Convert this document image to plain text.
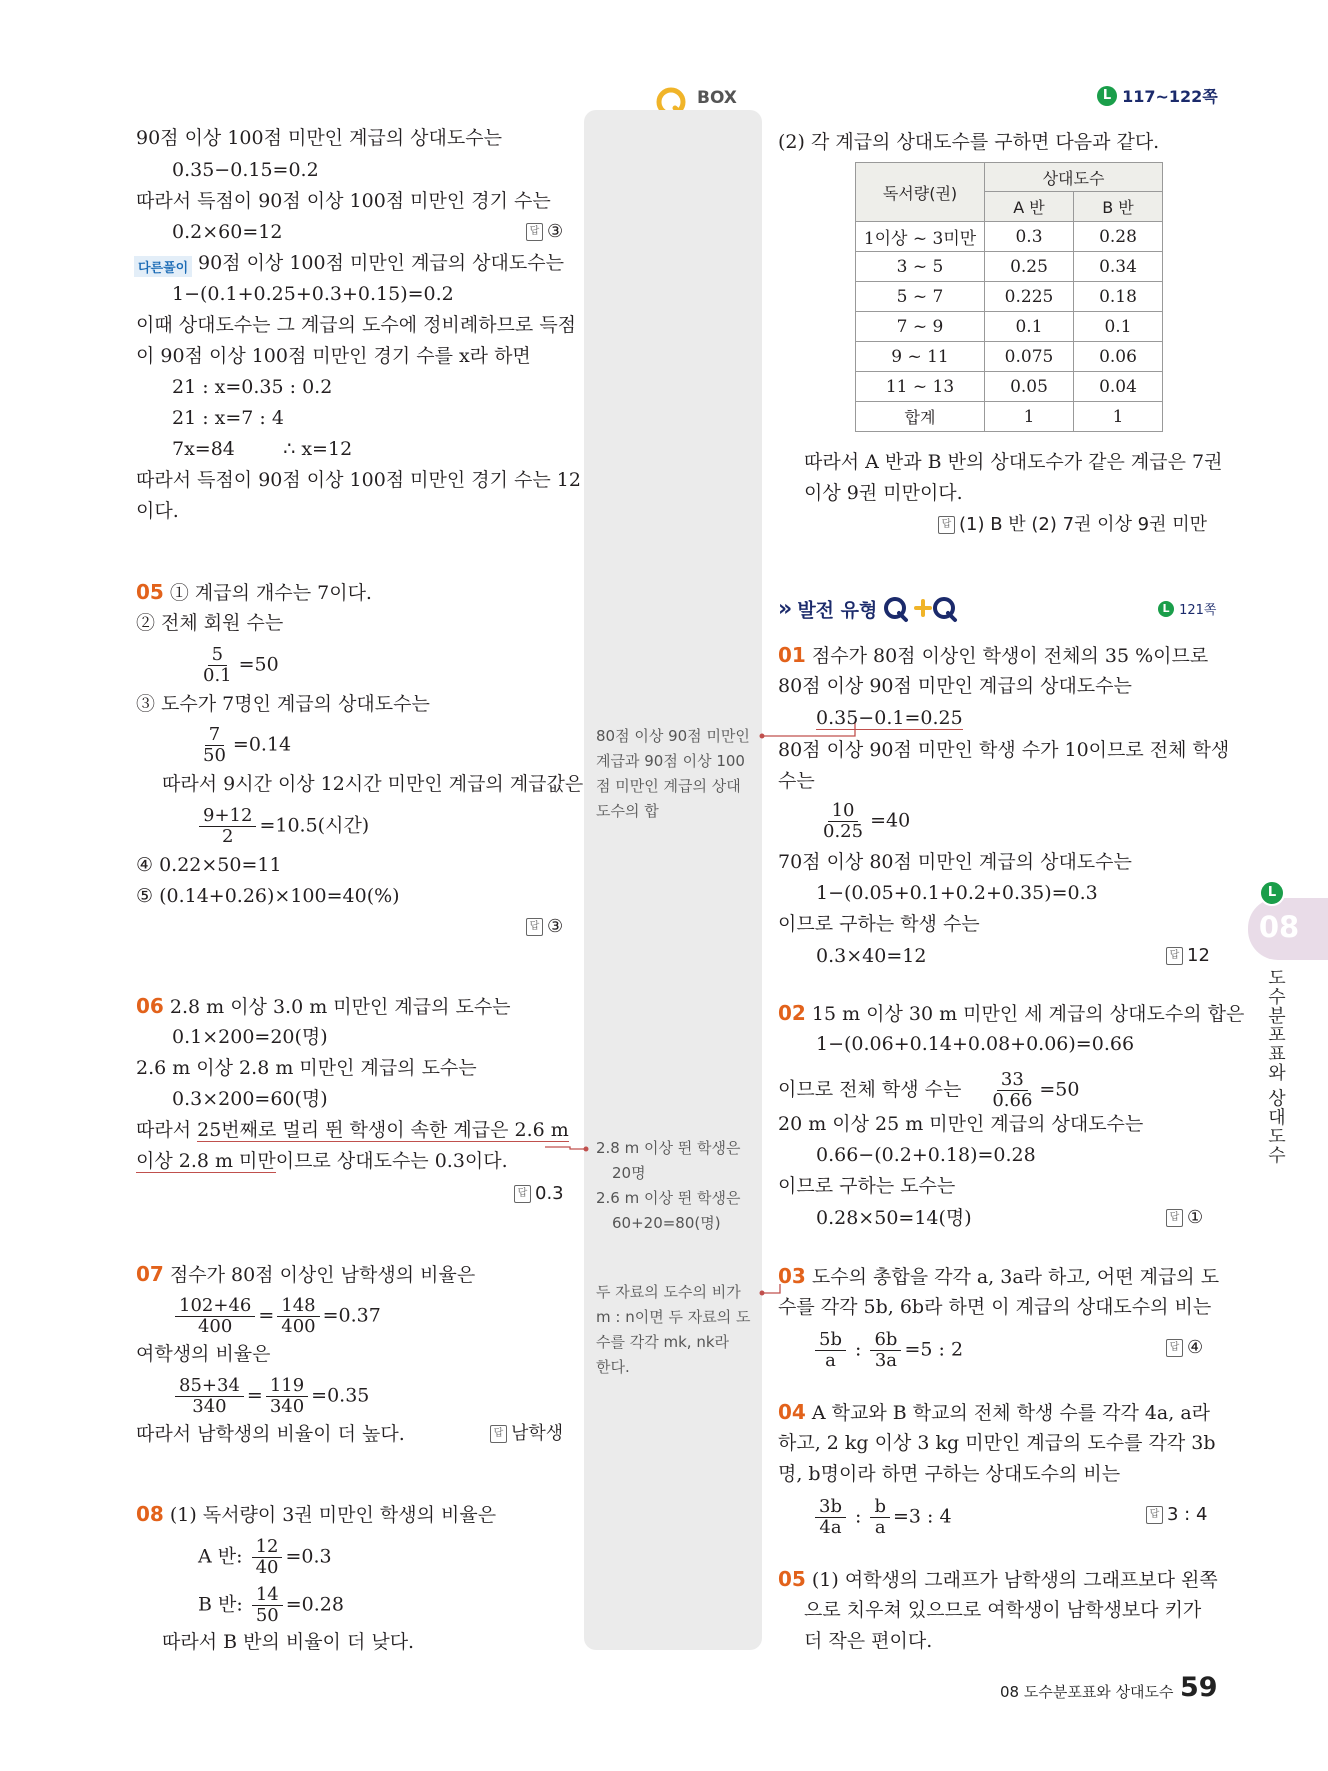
BOX	L 117~122쪽
90점 이상 100점 미만인 계급의 상대도수는
0.35−0.15=0.2
따라서 득점이 90점 이상 100점 미만인 경기 수는
0.2×60=12	답 ③
다른풀이 90점 이상 100점 미만인 계급의 상대도수는
1−(0.1+0.25+0.3+0.15)=0.2
이때 상대도수는 그 계급의 도수에 정비례하므로 득점
이 90점 이상 100점 미만인 경기 수를 x라 하면
21 : x=0.35 : 0.2
21 : x=7 : 4
7x=84        ∴ x=12
따라서 득점이 90점 이상 100점 미만인 경기 수는 12
이다.
05 ① 계급의 개수는 7이다.
② 전체 회원 수는
$\frac{5}{0.1} =50$
③ 도수가 7명인 계급의 상대도수는
$\frac{7}{50} =0.14$
따라서 9시간 이상 12시간 미만인 계급의 계급값은
$\frac{9+12}{2} =10.5$(시간)
④ 0.22×50=11
⑤ (0.14+0.26)×100=40(%)
답 ③
06 2.8 m 이상 3.0 m 미만인 계급의 도수는
0.1×200=20(명)
2.6 m 이상 2.8 m 미만인 계급의 도수는
0.3×200=60(명)
따라서 25번째로 멀리 뛴 학생이 속한 계급은 2.6 m
이상 2.8 m 미만이므로 상대도수는 0.3이다.
답 0.3
07 점수가 80점 이상인 남학생의 비율은
$\frac{102+46}{400} = \frac{148}{400} =0.37$
여학생의 비율은
$\frac{85+34}{340} = \frac{119}{340} =0.35$
따라서 남학생의 비율이 더 높다.	답 남학생
08 (1) 독서량이 3권 미만인 학생의 비율은
A 반: $\frac{12}{40} =0.3$
B 반: $\frac{14}{50} =0.28$
따라서 B 반의 비율이 더 낮다.
80점 이상 90점 미만인
계급과 90점 이상 100
점 미만인 계급의 상대
도수의 합
2.8 m 이상 뛴 학생은
20명
2.6 m 이상 뛴 학생은
60+20=80(명)
두 자료의 도수의 비가
m : n이면 두 자료의 도
수를 각각 mk, nk라
한다.
(2) 각 계급의 상대도수를 구하면 다음과 같다.
독서량(권)	상대도수	
	A 반	B 반
1이상 ~ 3미만	0.3	0.28
3 ~ 5	0.25	0.34
5 ~ 7	0.225	0.18
7 ~ 9	0.1	0.1
9 ~ 11	0.075	0.06
11 ~ 13	0.05	0.04
합계	1	1
따라서 A 반과 B 반의 상대도수가 같은 계급은 7권
이상 9권 미만이다.
답 (1) B 반 (2) 7권 이상 9권 미만
» 발전 유형	L 121쪽
01 점수가 80점 이상인 학생이 전체의 35 %이므로
80점 이상 90점 미만인 계급의 상대도수는
0.35−0.1=0.25
80점 이상 90점 미만인 학생 수가 10이므로 전체 학생
수는
$\frac{10}{0.25} =40$
70점 이상 80점 미만인 계급의 상대도수는
1−(0.05+0.1+0.2+0.35)=0.3
이므로 구하는 학생 수는
0.3×40=12	답 12
02 15 m 이상 30 m 미만인 세 계급의 상대도수의 합은
1−(0.06+0.14+0.08+0.06)=0.66
이므로 전체 학생 수는 $\frac{33}{0.66} =50$
20 m 이상 25 m 미만인 계급의 상대도수는
0.66−(0.2+0.18)=0.28
이므로 구하는 도수는
0.28×50=14(명)	답 ①
03 도수의 총합을 각각 a, 3a라 하고, 어떤 계급의 도
수를 각각 5b, 6b라 하면 이 계급의 상대도수의 비는
$\frac{5b}{a}$ : $\frac{6b}{3a} =5$ : 2	답 ④
04 A 학교와 B 학교의 전체 학생 수를 각각 4a, a라
하고, 2 kg 이상 3 kg 미만인 계급의 도수를 각각 3b
명, b명이라 하면 구하는 상대도수의 비는
$\frac{3b}{4a}$ : $\frac{b}{a} =3$ : 4	답 3 : 4
05 (1) 여학생의 그래프가 남학생의 그래프보다 왼쪽
으로 치우쳐 있으므로 여학생이 남학생보다 키가
더 작은 편이다.
L
08
도수분포표와 상대도수
08 도수분포표와 상대도수 59
